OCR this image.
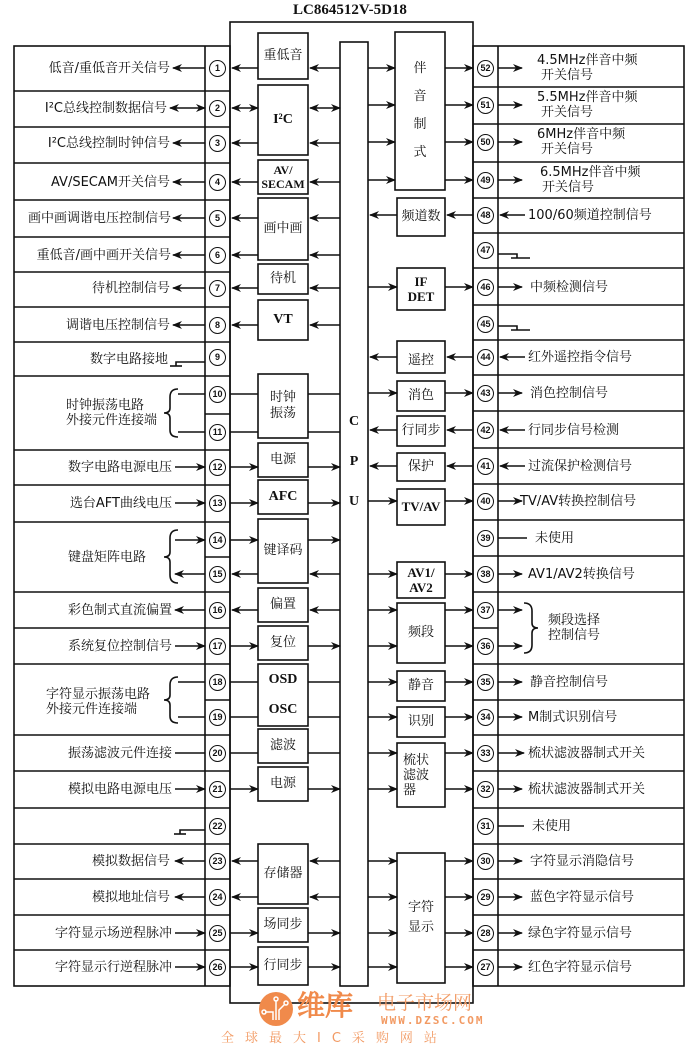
LC864512V-5D18
C
P
U
1
2
3
4
5
6
7
8
9
10
11
12
13
14
15
16
17
18
19
20
21
22
23
24
25
26
52
51
50
49
48
47
46
45
44
43
42
41
40
39
38
37
36
35
34
33
32
31
30
29
28
27
低音/重低音开关信号
I²C总线控制数据信号
I²C总线控制时钟信号
AV/SECAM开关信号
画中画调谐电压控制信号
重低音/画中画开关信号
待机控制信号
调谐电压控制信号
数字电路接地
时钟振荡电路
外接元件连接端
数字电路电源电压
选台AFT曲线电压
键盘矩阵电路
彩色制式直流偏置
系统复位控制信号
字符显示振荡电路
外接元件连接端
振荡滤波元件连接
模拟电路电源电压
模拟数据信号
模拟地址信号
字符显示场逆程脉冲
字符显示行逆程脉冲
4.5MHz伴音中频
开关信号
5.5MHz伴音中频
开关信号
6MHz伴音中频
开关信号
6.5MHz伴音中频
开关信号
100/60频道控制信号
中频检测信号
红外遥控指令信号
消色控制信号
行同步信号检测
过流保护检测信号
TV/AV转换控制信号
未使用
AV1/AV2转换信号
频段选择
控制信号
静音控制信号
M制式识别信号
梳状滤波器制式开关
梳状滤波器制式开关
未使用
字符显示消隐信号
蓝色字符显示信号
绿色字符显示信号
红色字符显示信号
重低音
I²C
AV/
SECAM
画中画
待机
VT
时钟
振荡
电源
AFC
键译码
偏置
复位
OSD
OSC
滤波
电源
存储器
场同步
行同步
伴
音
制
式
频道数
IF
DET
遥控
消色
行同步
保护
TV/AV
AV1/
AV2
频段
静音
识别
梳状
滤波
器
字符
显示
维库 电子市场网
WWW.DZSC.COM
全球最大IC采购网站
